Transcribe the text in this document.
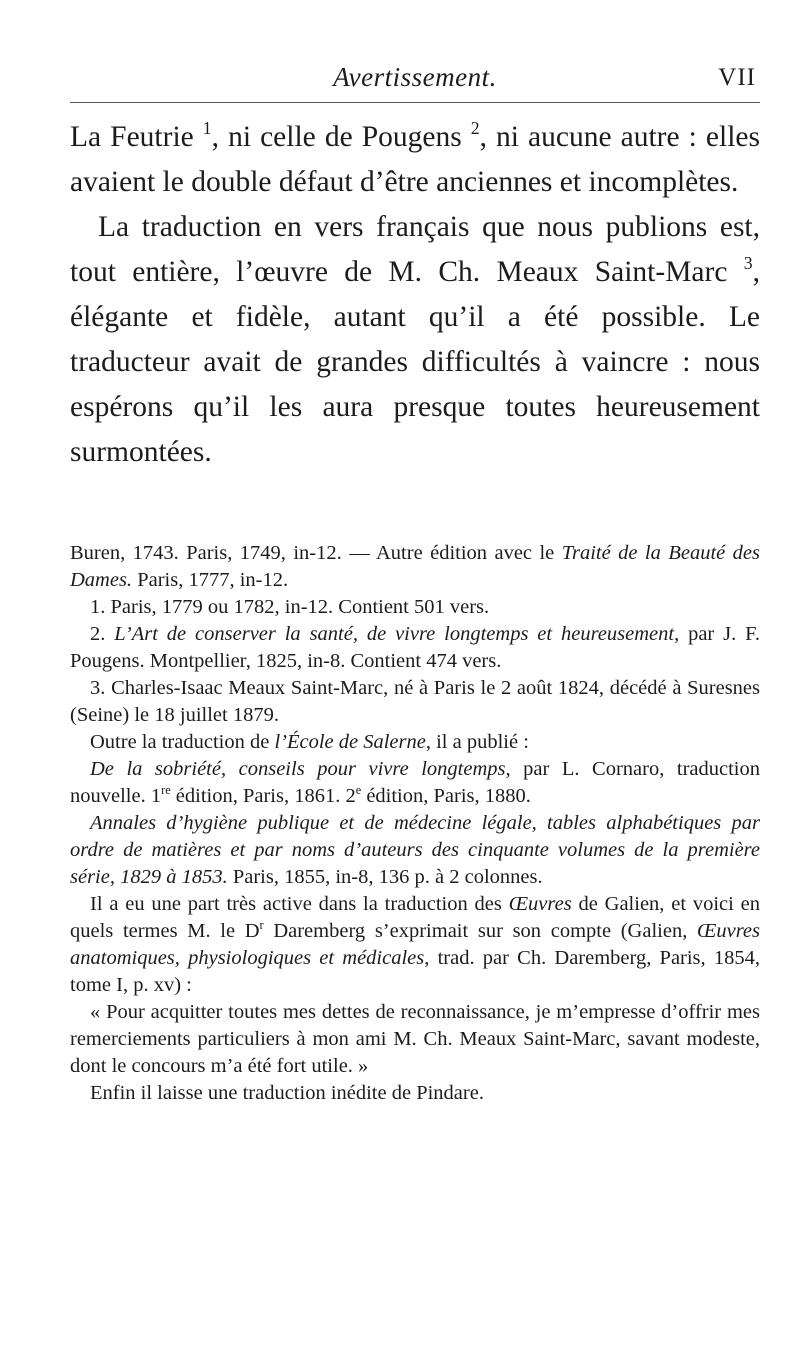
Avertissement.	VII

La Feutrie $^1$, ni celle de Pougens $^2$, ni aucune autre : elles avaient le double défaut d’être anciennes et incomplètes.

La traduction en vers français que nous publions est, tout entière, l’œuvre de M. Ch. Meaux Saint-Marc $^3$, élégante et fidèle, autant qu’il a été possible. Le traducteur avait de grandes difficultés à vaincre : nous espérons qu’il les aura presque toutes heureusement surmontées.

Buren, 1743. Paris, 1749, in-12. — Autre édition avec le Traité de la Beauté des Dames. Paris, 1777, in-12.

1. Paris, 1779 ou 1782, in-12. Contient 501 vers.

2. L’Art de conserver la santé, de vivre longtemps et heureusement, par J. F. Pougens. Montpellier, 1825, in-8. Contient 474 vers.

3. Charles-Isaac Meaux Saint-Marc, né à Paris le 2 août 1824, décédé à Suresnes (Seine) le 18 juillet 1879.

Outre la traduction de l’École de Salerne, il a publié :

De la sobriété, conseils pour vivre longtemps, par L. Cornaro, traduction nouvelle. 1re édition, Paris, 1861. 2e édition, Paris, 1880.

Annales d’hygiène publique et de médecine légale, tables alphabétiques par ordre de matières et par noms d’auteurs des cinquante volumes de la première série, 1829 à 1853. Paris, 1855, in-8, 136 p. à 2 colonnes.

Il a eu une part très active dans la traduction des Œuvres de Galien, et voici en quels termes M. le $D^r$ Daremberg s’exprimait sur son compte (Galien, Œuvres anatomiques, physiologiques et médicales, trad. par Ch. Daremberg, Paris, 1854, tome I, p. xv) :

« Pour acquitter toutes mes dettes de reconnaissance, je m’empresse d’offrir mes remerciements particuliers à mon ami M. Ch. Meaux Saint-Marc, savant modeste, dont le concours m’a été fort utile. »

Enfin il laisse une traduction inédite de Pindare.
